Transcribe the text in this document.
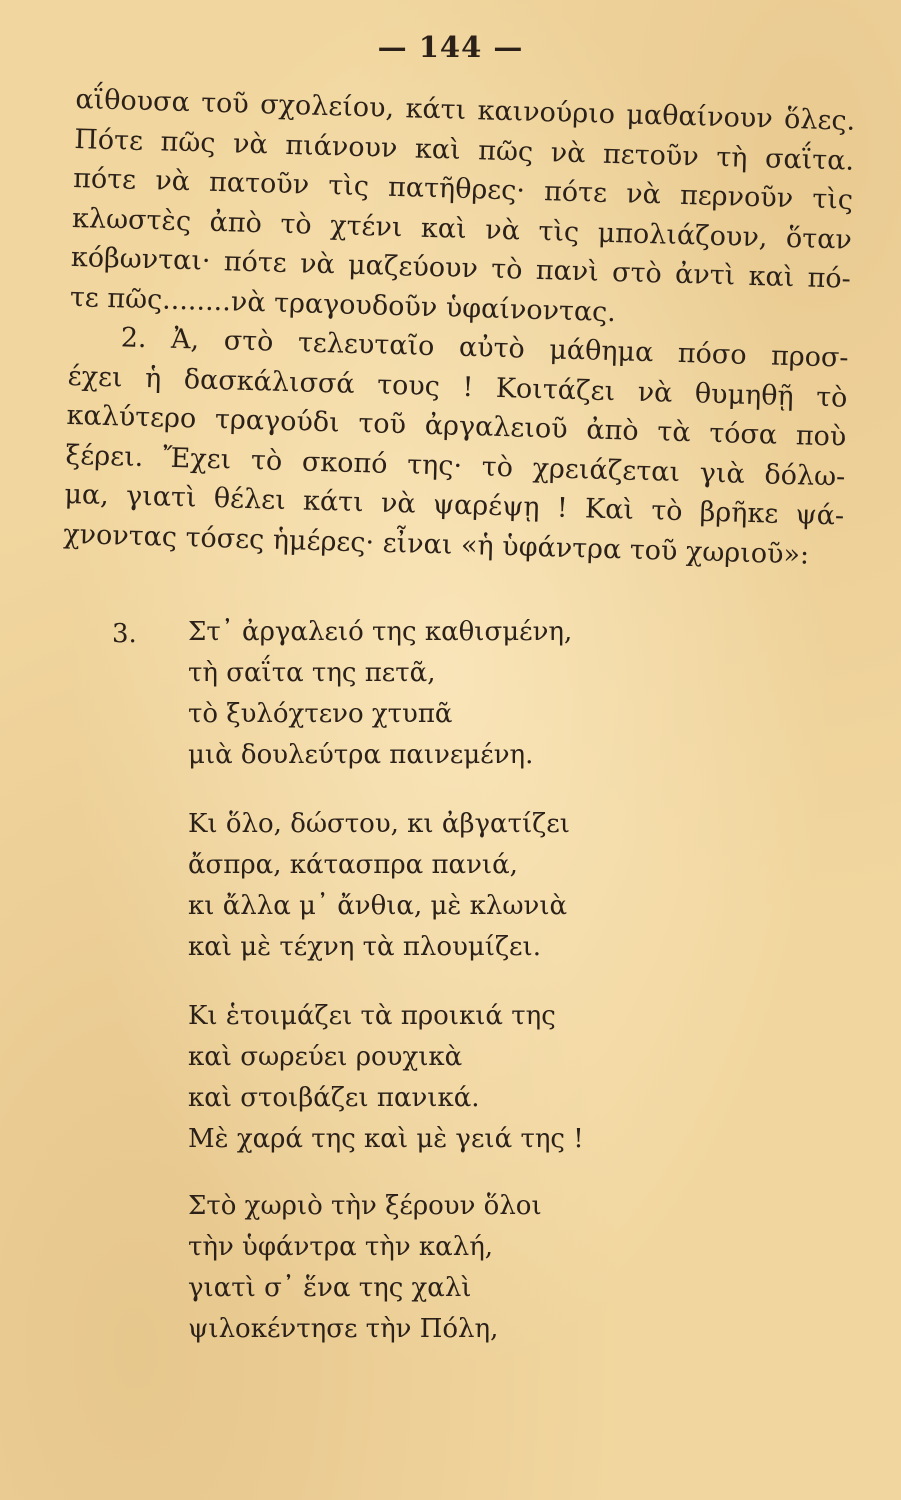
— 144 —
αΐθουσα τοῦ σχολείου, κάτι καινούριο μαθαίνουν ὅλες.
Πότε πῶς νὰ πιάνουν καὶ πῶς νὰ πετοῦν τὴ σαΐτα.
πότε νὰ πατοῦν τὶς πατῆθρες· πότε νὰ περνοῦν τὶς
κλωστὲς ἀπὸ τὸ χτένι καὶ νὰ τὶς μπολιάζουν, ὅταν
κόβωνται· πότε νὰ μαζεύουν τὸ πανὶ στὸ ἀντὶ καὶ πό-
τε πῶς........νὰ τραγουδοῦν ὑφαίνοντας.
2. Ἀ, στὸ τελευταῖο αὐτὸ μάθημα πόσο προσ-
έχει ἡ δασκάλισσά τους ! Κοιτάζει νὰ θυμηθῇ τὸ
καλύτερο τραγούδι τοῦ ἀργαλειοῦ ἀπὸ τὰ τόσα ποὺ
ξέρει. Ἔχει τὸ σκοπό της· τὸ χρειάζεται γιὰ δόλω-
μα, γιατὶ θέλει κάτι νὰ ψαρέψῃ ! Καὶ τὸ βρῆκε ψά-
χνοντας τόσες ἡμέρες· εἶναι «ἡ ὑφάντρα τοῦ χωριοῦ»:
3. Στ᾽ ἀργαλειό της καθισμένη,
τὴ σαΐτα της πετᾶ,
τὸ ξυλόχτενο χτυπᾶ
μιὰ δουλεύτρα παινεμένη.
Κι ὅλο, δώστου, κι ἀβγατίζει
ἄσπρα, κάτασπρα πανιά,
κι ἄλλα μ᾽ ἄνθια, μὲ κλωνιὰ
καὶ μὲ τέχνη τὰ πλουμίζει.
Κι ἑτοιμάζει τὰ προικιά της
καὶ σωρεύει ρουχικὰ
καὶ στοιβάζει πανικά.
Μὲ χαρά της καὶ μὲ γειά της !
Στὸ χωριὸ τὴν ξέρουν ὅλοι
τὴν ὑφάντρα τὴν καλή,
γιατὶ σ᾽ ἕνα της χαλὶ
ψιλοκέντησε τὴν Πόλη,
